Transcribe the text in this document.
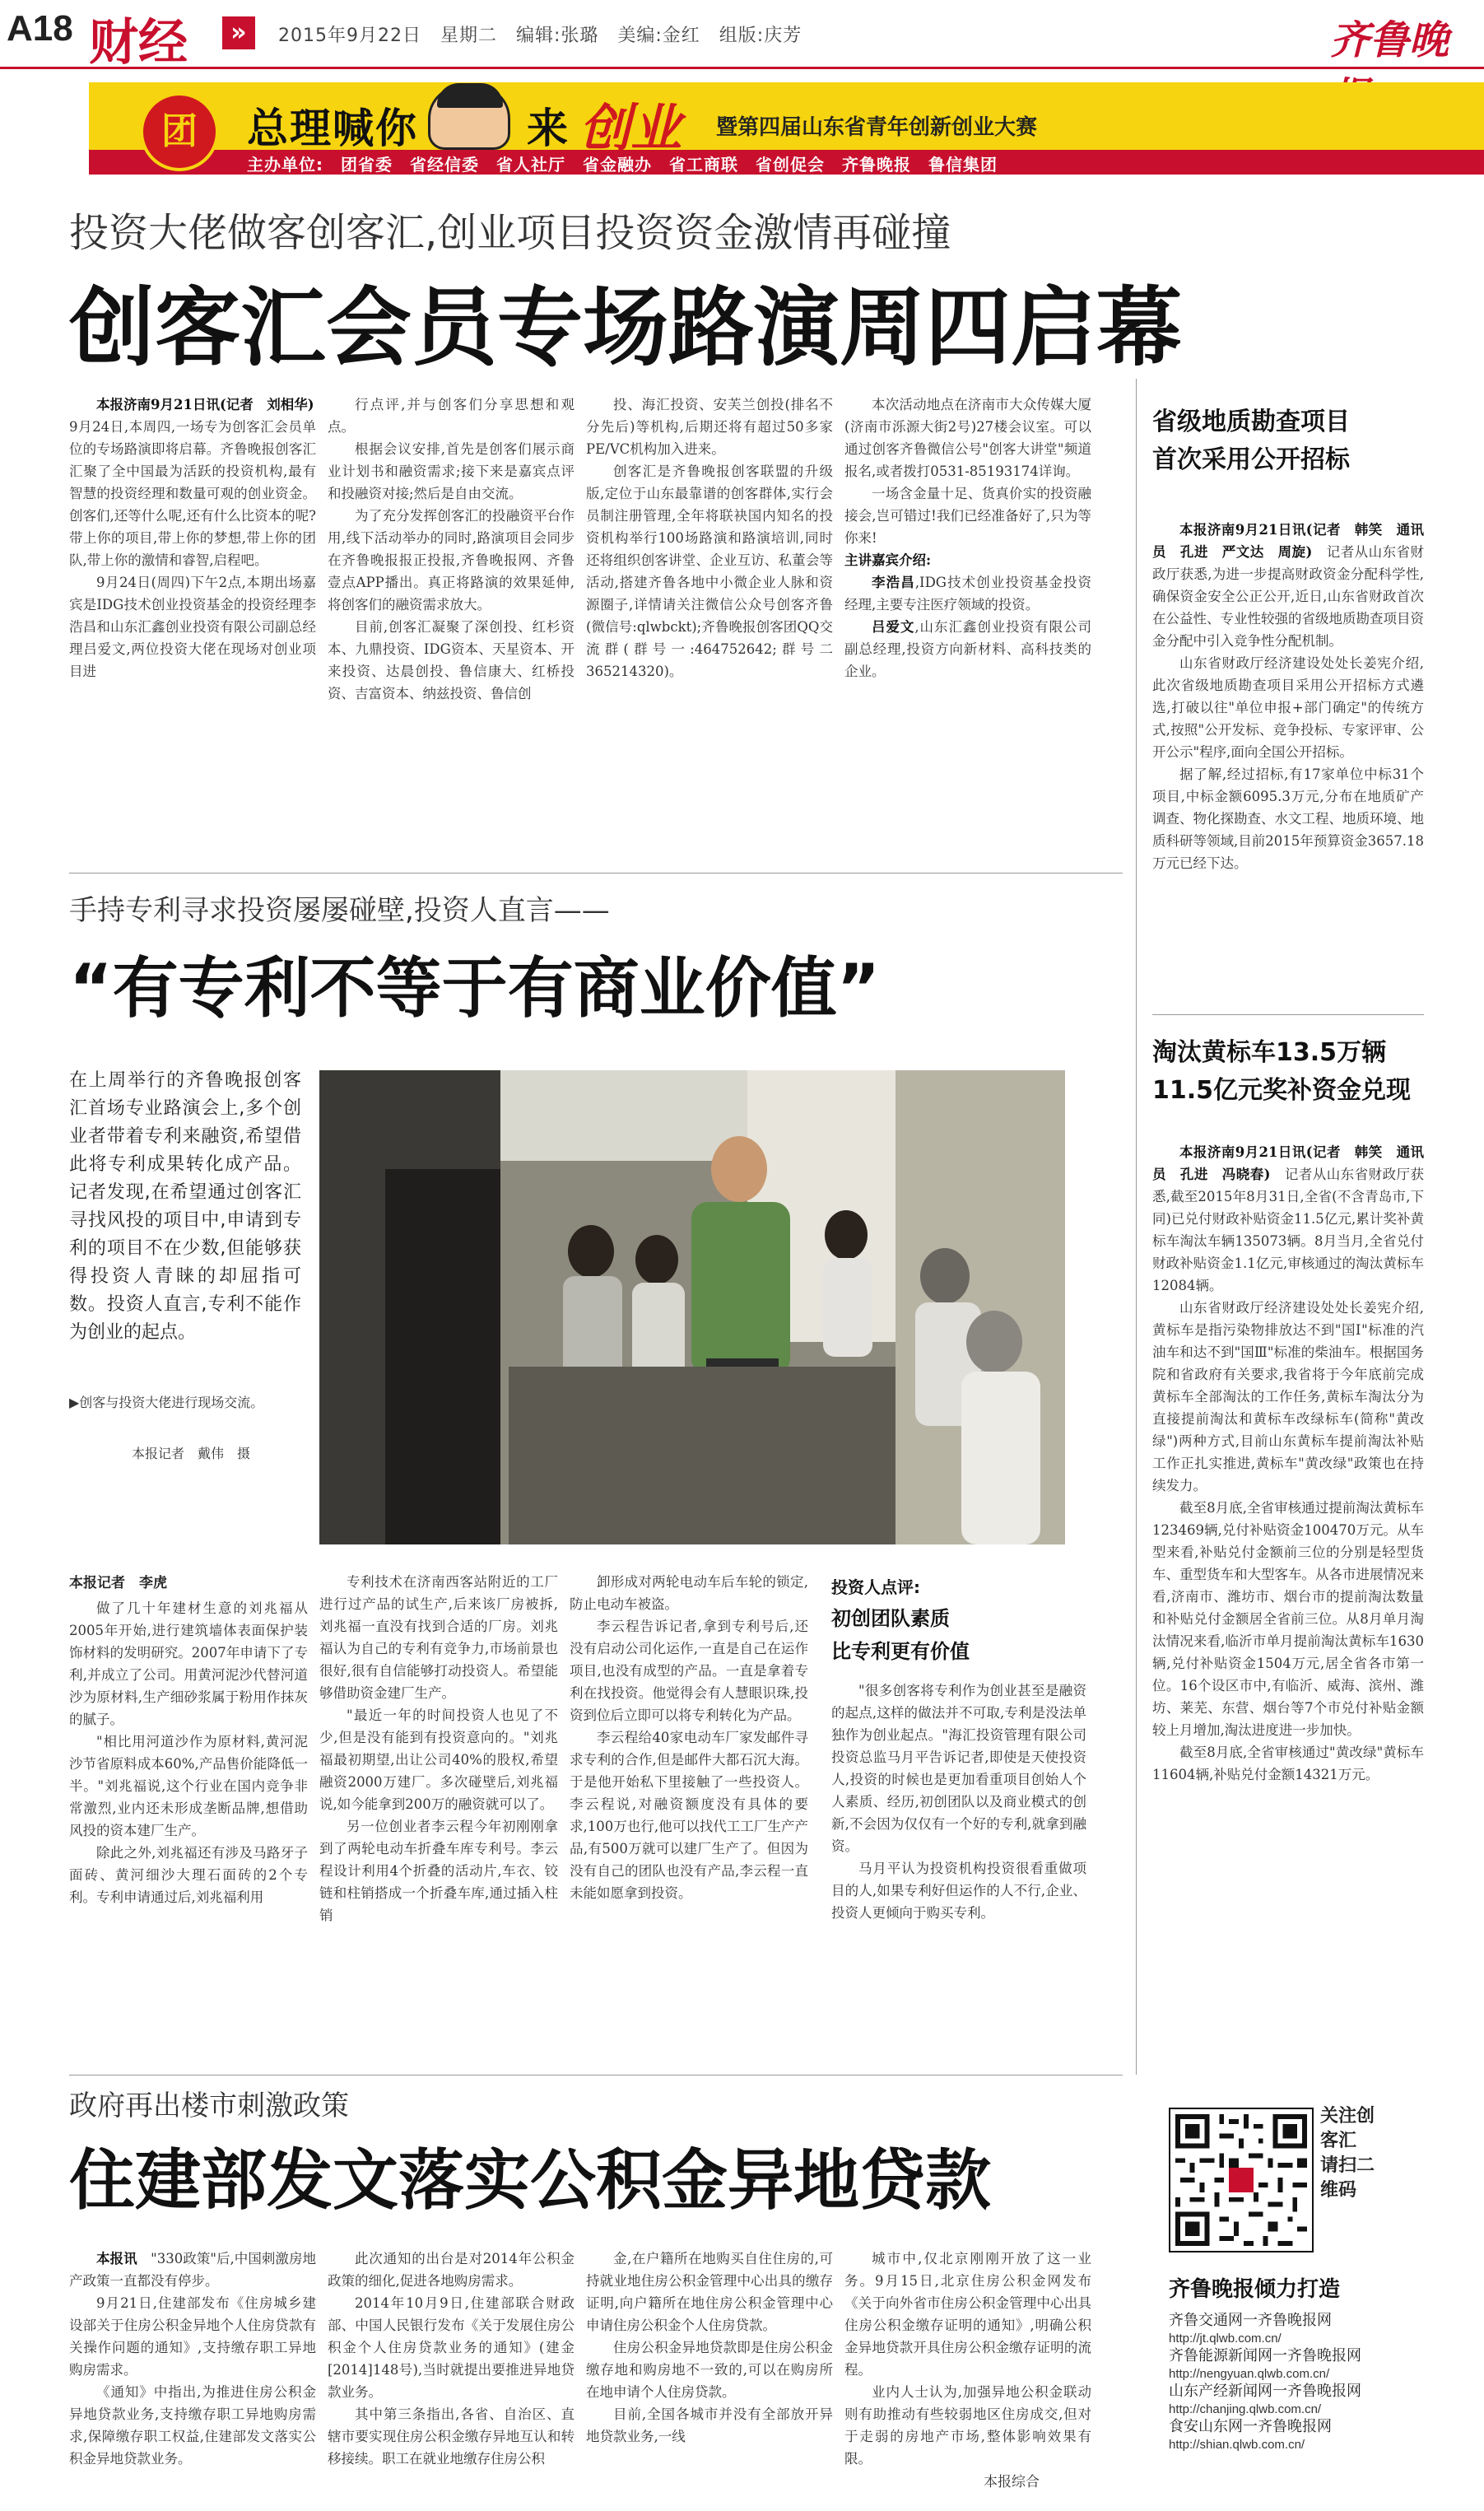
A18 财经	»	2015年9月22日　星期二　编辑:张璐　美编:金红　组版:庆芳	齐鲁晚
团	总理喊你	来 创业 暨第四届山东省青年创新创业大赛
主办单位:　团省委　省经信委　省人社厅　省金融办　省工商联　省创促会　齐鲁晚报　鲁信集团
投资大佬做客创客汇,创业项目投资资金激情再碰撞
创客汇会员专场路演周四启幕

本报济南9月21日讯(记者　刘相华)　9月24日,本周四,一场专为创客汇会员单位的专场路演即将启幕。齐鲁晚报创客汇汇聚了全中国最为活跃的投资机构,最有智慧的投资经理和数量可观的创业资金。创客们,还等什么呢,还有什么比资本的呢?带上你的项目,带上你的梦想,带上你的团队,带上你的激情和睿智,启程吧。

9月24日(周四)下午2点,本期出场嘉宾是IDG技术创业投资基金的投资经理李浩昌和山东汇鑫创业投资有限公司副总经理吕爱文,两位投资大佬在现场对创业项目进

行点评,并与创客们分享思想和观点。

根据会议安排,首先是创客们展示商业计划书和融资需求;接下来是嘉宾点评和投融资对接;然后是自由交流。

为了充分发挥创客汇的投融资平台作用,线下活动举办的同时,路演项目会同步在齐鲁晚报报正投报,齐鲁晚报网、齐鲁壹点APP播出。真正将路演的效果延伸,将创客们的融资需求放大。

目前,创客汇凝聚了深创投、红杉资本、九鼎投资、IDG资本、天星资本、开来投资、达晨创投、鲁信康大、红桥投资、吉富资本、纳兹投资、鲁信创

投、海汇投资、安芙兰创投(排名不分先后)等机构,后期还将有超过50多家PE/VC机构加入进来。

创客汇是齐鲁晚报创客联盟的升级版,定位于山东最靠谱的创客群体,实行会员制注册管理,全年将联袂国内知名的投资机构举行100场路演和路演培训,同时还将组织创客讲堂、企业互访、私董会等活动,搭建齐鲁各地中小微企业人脉和资源圈子,详情请关注微信公众号创客齐鲁(微信号:qlwbckt);齐鲁晚报创客团QQ交流群(群号一:464752642;群号二365214320)。

本次活动地点在济南市大众传媒大厦(济南市泺源大街2号)27楼会议室。可以通过创客齐鲁微信公号"创客大讲堂"频道报名,或者拨打0531-85193174详询。

一场含金量十足、货真价实的投资融接会,岂可错过!我们已经准备好了,只为等你来!

主讲嘉宾介绍:

李浩昌,IDG技术创业投资基金投资经理,主要专注医疗领域的投资。

吕爱文,山东汇鑫创业投资有限公司副总经理,投资方向新材料、高科技类的企业。

省级地质勘查项目
首次采用公开招标

本报济南9月21日讯(记者　韩笑　通讯员　孔进　严文达　周旋)　记者从山东省财政厅获悉,为进一步提高财政资金分配科学性,确保资金安全公正公开,近日,山东省财政首次在公益性、专业性较强的省级地质勘查项目资金分配中引入竞争性分配机制。

山东省财政厅经济建设处处长姜宪介绍,此次省级地质勘查项目采用公开招标方式遴选,打破以往"单位申报+部门确定"的传统方式,按照"公开发标、竞争投标、专家评审、公开公示"程序,面向全国公开招标。

据了解,经过招标,有17家单位中标31个项目,中标金额6095.3万元,分布在地质矿产调查、物化探勘查、水文工程、地质环境、地质科研等领域,目前2015年预算资金3657.18万元已经下达。

淘汰黄标车13.5万辆
11.5亿元奖补资金兑现

本报济南9月21日讯(记者　韩笑　通讯员　孔进　冯晓春)　记者从山东省财政厅获悉,截至2015年8月31日,全省(不含青岛市,下同)已兑付财政补贴资金11.5亿元,累计奖补黄标车淘汰车辆135073辆。8月当月,全省兑付财政补贴资金1.1亿元,审核通过的淘汰黄标车12084辆。

山东省财政厅经济建设处处长姜宪介绍,黄标车是指污染物排放达不到"国Ⅰ"标准的汽油车和达不到"国Ⅲ"标准的柴油车。根据国务院和省政府有关要求,我省将于今年底前完成黄标车全部淘汰的工作任务,黄标车淘汰分为直接提前淘汰和黄标车改绿标车(简称"黄改绿")两种方式,目前山东黄标车提前淘汰补贴工作正扎实推进,黄标车"黄改绿"政策也在持续发力。

截至8月底,全省审核通过提前淘汰黄标车123469辆,兑付补贴资金100470万元。从车型来看,补贴兑付金额前三位的分别是轻型货车、重型货车和大型客车。从各市进展情况来看,济南市、潍坊市、烟台市的提前淘汰数量和补贴兑付金额居全省前三位。从8月单月淘汰情况来看,临沂市单月提前淘汰黄标车1630辆,兑付补贴资金1504万元,居全省各市第一位。16个设区市中,有临沂、威海、滨州、潍坊、莱芜、东营、烟台等7个市兑付补贴金额较上月增加,淘汰进度进一步加快。

截至8月底,全省审核通过"黄改绿"黄标车11604辆,补贴兑付金额14321万元。

手持专利寻求投资屡屡碰壁,投资人直言——
“有专利不等于有商业价值”
在上周举行的齐鲁晚报创客汇首场专业路演会上,多个创业者带着专利来融资,希望借此将专利成果转化成产品。记者发现,在希望通过创客汇寻找风投的项目中,申请到专利的项目不在少数,但能够获得投资人青睐的却屈指可数。投资人直言,专利不能作为创业的起点。
▶创客与投资大佬进行现场交流。
本报记者　戴伟　摄
本报记者　李虎

做了几十年建材生意的刘兆福从2005年开始,进行建筑墙体表面保护装饰材料的发明研究。2007年申请下了专利,并成立了公司。用黄河泥沙代替河道沙为原材料,生产细砂浆属于粉用作抹灰的腻子。

"相比用河道沙作为原材料,黄河泥沙节省原料成本60%,产品售价能降低一半。"刘兆福说,这个行业在国内竞争非常激烈,业内还未形成垄断品牌,想借助风投的资本建厂生产。

除此之外,刘兆福还有涉及马路牙子面砖、黄河细沙大理石面砖的2个专利。专利申请通过后,刘兆福利用

专利技术在济南西客站附近的工厂进行过产品的试生产,后来该厂房被拆,刘兆福一直没有找到合适的厂房。刘兆福认为自己的专利有竞争力,市场前景也很好,很有自信能够打动投资人。希望能够借助资金建厂生产。

"最近一年的时间投资人也见了不少,但是没有能到有投资意向的。"刘兆福最初期望,出让公司40%的股权,希望融资2000万建厂。多次碰壁后,刘兆福说,如今能拿到200万的融资就可以了。

另一位创业者李云程今年初刚刚拿到了两轮电动车折叠车库专利号。李云程设计利用4个折叠的活动片,车衣、铰链和柱销搭成一个折叠车库,通过插入柱销

卸形成对两轮电动车后车轮的锁定,防止电动车被盗。

李云程告诉记者,拿到专利号后,还没有启动公司化运作,一直是自己在运作项目,也没有成型的产品。一直是拿着专利在找投资。他觉得会有人慧眼识珠,投资到位后立即可以将专利转化为产品。

李云程给40家电动车厂家发邮件寻求专利的合作,但是邮件大都石沉大海。于是他开始私下里接触了一些投资人。李云程说,对融资额度没有具体的要求,100万也行,他可以找代工工厂生产产品,有500万就可以建厂生产了。但因为没有自己的团队也没有产品,李云程一直未能如愿拿到投资。

投资人点评:
初创团队素质
比专利更有价值

"很多创客将专利作为创业甚至是融资的起点,这样的做法并不可取,专利是没法单独作为创业起点。"海汇投资管理有限公司投资总监马月平告诉记者,即使是天使投资人,投资的时候也是更加看重项目创始人个人素质、经历,初创团队以及商业模式的创新,不会因为仅仅有一个好的专利,就拿到融资。

马月平认为投资机构投资很看重做项目的人,如果专利好但运作的人不行,企业、投资人更倾向于购买专利。

政府再出楼市刺激政策
住建部发文落实公积金异地贷款

本报讯　"330政策"后,中国刺激房地产政策一直都没有停步。

9月21日,住建部发布《住房城乡建设部关于住房公积金异地个人住房贷款有关操作问题的通知》,支持缴存职工异地购房需求。

《通知》中指出,为推进住房公积金异地贷款业务,支持缴存职工异地购房需求,保障缴存职工权益,住建部发文落实公积金异地贷款业务。

此次通知的出台是对2014年公积金政策的细化,促进各地购房需求。

2014年10月9日,住建部联合财政部、中国人民银行发布《关于发展住房公积金个人住房贷款业务的通知》(建金[2014]148号),当时就提出要推进异地贷款业务。

其中第三条指出,各省、自治区、直辖市要实现住房公积金缴存异地互认和转移接续。职工在就业地缴存住房公积

金,在户籍所在地购买自住住房的,可持就业地住房公积金管理中心出具的缴存证明,向户籍所在地住房公积金管理中心申请住房公积金个人住房贷款。

住房公积金异地贷款即是住房公积金缴存地和购房地不一致的,可以在购房所在地申请个人住房贷款。

目前,全国各城市并没有全部放开异地贷款业务,一线

城市中,仅北京刚刚开放了这一业务。9月15日,北京住房公积金网发布《关于向外省市住房公积金管理中心出具住房公积金缴存证明的通知》,明确公积金异地贷款开具住房公积金缴存证明的流程。

业内人士认为,加强异地公积金联动则有助推动有些较弱地区住房成交,但对于走弱的房地产市场,整体影响效果有限。

本报综合
关注创客汇
请扫二维码
齐鲁晚报倾力打造
齐鲁交通网一齐鲁晚报网
http://jt.qlwb.com.cn/
齐鲁能源新闻网一齐鲁晚报网
http://nengyuan.qlwb.com.cn/
山东产经新闻网一齐鲁晚报网
http://chanjing.qlwb.com.cn/
食安山东网一齐鲁晚报网
http://shian.qlwb.com.cn/
